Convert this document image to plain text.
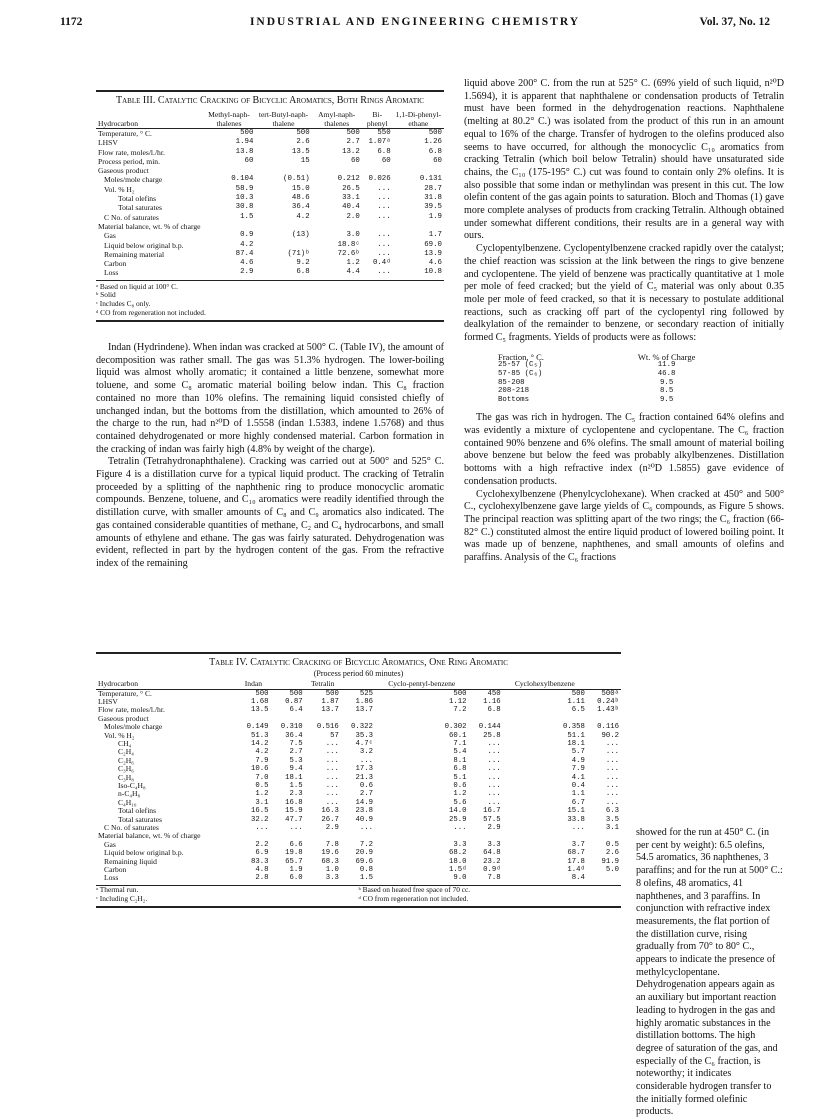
1172	INDUSTRIAL AND ENGINEERING CHEMISTRY	Vol. 37, No. 12
Table III. Catalytic Cracking of Bicyclic Aromatics, Both Rings Aromatic
Hydrocarbon	Methyl-naph-thalenes	tert-Butyl-naph-thalene	Amyl-naph-thalenes	Bi-phenyl	1,1-Di-phenyl-ethane
Temperature, ° C.	500	500	500	550	500
LHSV	1.94	2.6	2.7	1.07ᵃ	1.26
Flow rate, moles/l./hr.	13.8	13.5	13.2	6.8	6.8
Process period, min.	60	15	60	60	60
Gaseous product					
Moles/mole charge	0.104	(0.51)	0.212	0.026	0.131
Vol. % H₂	58.9	15.0	26.5	...	28.7
Total olefins	10.3	48.6	33.1	...	31.8
Total saturates	30.8	36.4	40.4	...	39.5
C No. of saturates	1.5	4.2	2.0	...	1.9
Material balance, wt. % of charge					
Gas	0.9	(13)	3.0	...	1.7
Liquid below original b.p.	4.2		18.8ᶜ	...	69.0
Remaining material	87.4	(71)ᵇ	72.6ᵇ	...	13.9
Carbon	4.6	9.2	1.2	0.4ᵈ	4.6
Loss	2.9	6.8	4.4	...	10.8
ᵃ Based on liquid at 100° C.
ᵇ Solid
ᶜ Includes C₈ only.
ᵈ CO from regeneration not included.

Indan (Hydrindene). When indan was cracked at 500° C. (Table IV), the amount of decomposition was rather small. The gas was 51.3% hydrogen. The lower-boiling liquid was almost wholly aromatic; it contained a little benzene, somewhat more toluene, and some C₈ aromatic material boiling below indan. This C₈ fraction contained no more than 10% olefins. The remaining liquid consisted chiefly of unchanged indan, but the bottoms from the distillation, which amounted to 26% of the charge to the run, had n²⁰D of 1.5558 (indan 1.5383, indene 1.5768) and thus contained dehydrogenated or more highly condensed material. Carbon formation in the cracking of indan was fairly high (4.8% by weight of the charge).

Tetralin (Tetrahydronaphthalene). Cracking was carried out at 500° and 525° C. Figure 4 is a distillation curve for a typical liquid product. The cracking of Tetralin proceeded by a splitting of the naphthenic ring to produce monocyclic aromatic compounds. Benzene, toluene, and C₁₀ aromatics were readily identified through the distillation curve, with smaller amounts of C₈ and C₉ aromatics also indicated. The gas contained considerable quantities of methane, C₂ and C₄ hydrocarbons, and small amounts of ethylene and ethane. The gas was fairly saturated. Dehydrogenation was evident, reflected in part by the hydrogen content of the gas. From the refractive index of the remaining

liquid above 200° C. from the run at 525° C. (69% yield of such liquid, n²⁰D 1.5694), it is apparent that naphthalene or condensation products of Tetralin must have been formed in the dehydrogenation reactions. Naphthalene (melting at 80.2° C.) was isolated from the product of this run in an amount equal to 16% of the charge. Transfer of hydrogen to the olefins produced also seems to have occurred, for although the monocyclic C₁₀ aromatics from cracking Tetralin (which boil below Tetralin) should have unsaturated side chains, the C₁₀ (175-195° C.) cut was found to contain only 2% olefins. It is also possible that some indan or methylindan was present in this cut. The low olefin content of the gas again points to saturation. Bloch and Thomas (1) gave more complete analyses of products from cracking Tetralin. Although obtained under somewhat different conditions, their results are in a general way with ours.

Cyclopentylbenzene. Cyclopentylbenzene cracked rapidly over the catalyst; the chief reaction was scission at the link between the rings to give benzene and cyclopentene. The yield of benzene was practically quantitative at 1 mole per mole of feed cracked; but the yield of C₅ material was only about 0.35 mole per mole of feed cracked, so that it is necessary to postulate additional reactions, such as cracking off part of the cyclopentyl ring followed by dealkylation of the remainder to benzene, or secondary reaction of initially formed C₅ fragments. Yields of products were as follows:

Fraction, ° C.	Wt. % of Charge
25-57 (C₅)	11.9
57-85 (C₆)	46.8
85-208	9.5
208-218	8.5
Bottoms	9.5

The gas was rich in hydrogen. The C₅ fraction contained 64% olefins and was evidently a mixture of cyclopentene and cyclopentane. The C₆ fraction contained 90% benzene and 6% olefins. The small amount of material boiling above benzene but below the feed was probably alkylbenzenes. Distillation bottoms with a high refractive index (n²⁰D 1.5855) gave evidence of condensation products.

Cyclohexylbenzene (Phenylcyclohexane). When cracked at 450° and 500° C., cyclohexylbenzene gave large yields of C₆ compounds, as Figure 5 shows. The principal reaction was splitting apart of the two rings; the C₆ fraction (66-82° C.) constituted almost the entire liquid product of lowered boiling point. It was made up of benzene, naphthenes, and small amounts of olefins and paraffins. Analysis of the C₆ fractions

showed for the run at 450° C. (in per cent by weight): 6.5 olefins, 54.5 aromatics, 36 naphthenes, 3 paraffins; and for the run at 500° C.: 8 olefins, 48 aromatics, 41 naphthenes, and 3 paraffins. In conjunction with refractive index measurements, the flat portion of the distillation curve, rising gradually from 70° to 80° C., appears to indicate the presence of methylcyclopentane. Dehydrogenation appears again as an auxiliary but important reaction leading to hydrogen in the gas and highly aromatic substances in the distillation bottoms. The high degree of saturation of the gas, and especially of the C₆ fraction, is noteworthy; it indicates considerable hydrogen transfer to the initially formed olefinic products.

Table IV. Catalytic Cracking of Bicyclic Aromatics, One Ring Aromatic
(Process period 60 minutes)
Hydrocarbon	Indan		Tetralin		Cyclo-pentyl-benzene		Cyclohexylbenzene	
Temperature, ° C.	500	500	500	525	500	450	500	500ᵃ
LHSV	1.68	0.87	1.87	1.86	1.12	1.16	1.11	0.24ᵇ
Flow rate, moles/l./hr.	13.5	6.4	13.7	13.7	7.2	6.8	6.5	1.43ᵇ
Gaseous product								
Moles/mole charge	0.149	0.310	0.516	0.322	0.302	0.144	0.358	0.116
Vol. % H₂	51.3	36.4	57	35.3	60.1	25.8	51.1	90.2
CH₄	14.2	7.5	...	4.7ᶜ	7.1	...	18.1	...
C₂H₄	4.2	2.7	...	3.2	5.4	...	5.7	...
C₂H₆	7.9	5.3	...	...	8.1	...	4.9	...
C₃H₆	10.6	9.4	...	17.3	6.8	...	7.9	...
C₃H₈	7.0	18.1	...	21.3	5.1	...	4.1	...
Iso-C₄H₈	0.5	1.5	...	0.6	0.6	...	0.4	...
n-C₄H₈	1.2	2.3	...	2.7	1.2	...	1.1	...
C₄H₁₀	3.1	16.8	...	14.9	5.6	...	6.7	...
Total olefins	16.5	15.9	16.3	23.8	14.0	16.7	15.1	6.3
Total saturates	32.2	47.7	26.7	40.9	25.9	57.5	33.8	3.5
C No. of saturates	...	...	2.9	...	...	2.9	...	3.1
Material balance, wt. % of charge								
Gas	2.2	6.6	7.8	7.2	3.3	3.3	3.7	0.5
Liquid below original b.p.	6.9	19.8	19.6	20.9	68.2	64.8	68.7	2.6
Remaining liquid	83.3	65.7	68.3	69.6	18.0	23.2	17.8	91.9
Carbon	4.8	1.9	1.0	0.8	1.5ᵈ	0.9ᵈ	1.4ᵈ	5.0
Loss	2.8	6.0	3.3	1.5	9.0	7.8	8.4	
ᵃ Thermal run.
ᶜ Including C₂H₂.
ᵇ Based on heated free space of 70 cc.
ᵈ CO from regeneration not included.
